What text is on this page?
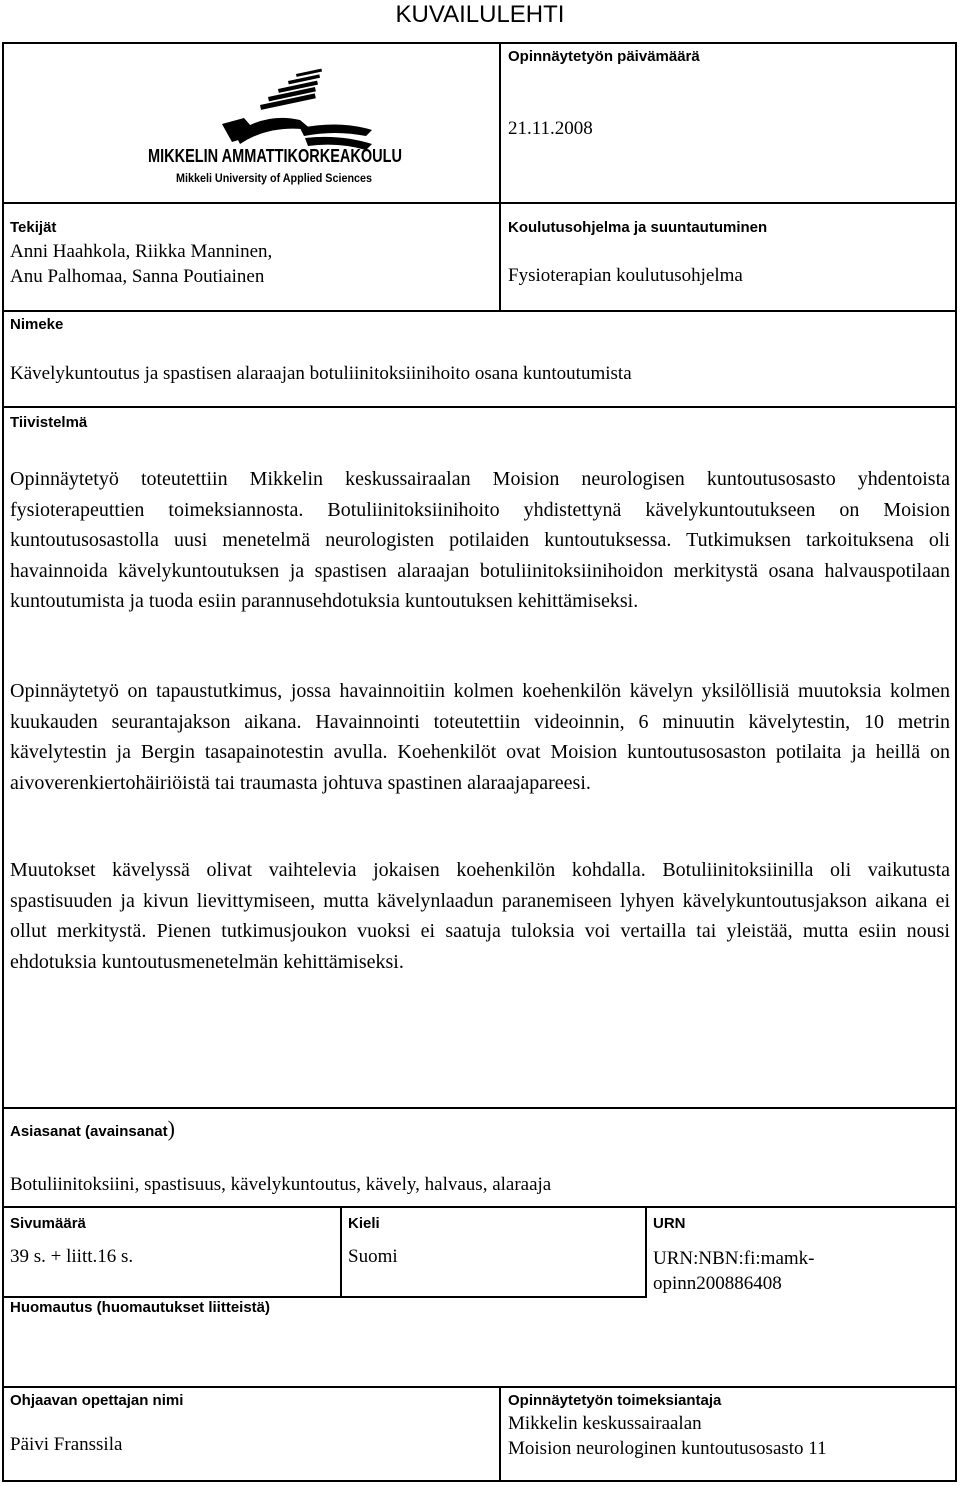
KUVAILULEHTI
MIKKELIN AMMATTIKORKEAKOULU
Mikkeli University of Applied Sciences
Opinnäytetyön päivämäärä
21.11.2008
Tekijät
Anni Haahkola, Riikka Manninen,
Anu Palhomaa, Sanna Poutiainen
Koulutusohjelma ja suuntautuminen
Fysioterapian koulutusohjelma
Nimeke
Kävelykuntoutus ja spastisen alaraajan botuliinitoksiinihoito osana kuntoutumista
Tiivistelmä

Opinnäytetyö toteutettiin Mikkelin keskussairaalan Moision neurologisen kuntoutusosasto yhdentoista fysioterapeuttien toimeksiannosta. Botuliinitoksiinihoito yhdistettynä kävelykuntoutukseen on Moision kuntoutusosastolla uusi menetelmä neurologisten potilaiden kuntoutuksessa. Tutkimuksen tarkoituksena oli havainnoida kävelykuntoutuksen ja spastisen alaraajan botuliinitoksiinihoidon merkitystä osana halvauspotilaan kuntoutumista ja tuoda esiin parannusehdotuksia kuntoutuksen kehittämiseksi.

Opinnäytetyö on tapaustutkimus, jossa havainnoitiin kolmen koehenkilön kävelyn yksilöllisiä muutoksia kolmen kuukauden seurantajakson aikana. Havainnointi toteutettiin videoinnin, 6 minuutin kävelytestin, 10 metrin kävelytestin ja Bergin tasapainotestin avulla. Koehenkilöt ovat Moision kuntoutusosaston potilaita ja heillä on aivoverenkiertohäiriöistä tai traumasta johtuva spastinen alaraajapareesi.

Muutokset kävelyssä olivat vaihtelevia jokaisen koehenkilön kohdalla. Botuliinitoksiinilla oli vaikutusta spastisuuden ja kivun lievittymiseen, mutta kävelynlaadun paranemiseen lyhyen kävelykuntoutusjakson aikana ei ollut merkitystä. Pienen tutkimusjoukon vuoksi ei saatuja tuloksia voi vertailla tai yleistää, mutta esiin nousi ehdotuksia kuntoutusmenetelmän kehittämiseksi.

Asiasanat (avainsanat)
Botuliinitoksiini, spastisuus, kävelykuntoutus, kävely, halvaus, alaraaja
Sivumäärä
39 s. + liitt.16 s.
Kieli
Suomi
URN
URN:NBN:fi:mamk-
opinn200886408
Huomautus (huomautukset liitteistä)
Ohjaavan opettajan nimi
Päivi Franssila
Opinnäytetyön toimeksiantaja
Mikkelin keskussairaalan
Moision neurologinen kuntoutusosasto 11
